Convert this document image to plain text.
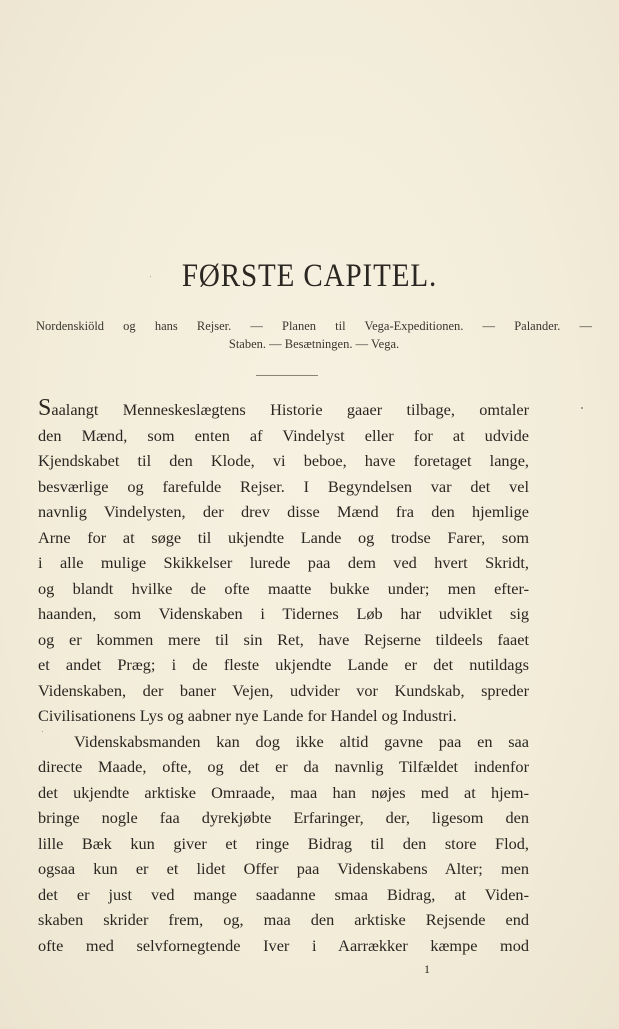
FØRSTE CAPITEL.
Nordenskiöld og hans Rejser. — Planen til Vega-Expeditionen. — Palander. —
Staben. — Besætningen. — Vega.
Saalangt Menneskeslægtens Historie gaaer tilbage, omtaler
den Mænd, som enten af Vindelyst eller for at udvide
Kjendskabet til den Klode, vi beboe, have foretaget lange,
besværlige og farefulde Rejser. I Begyndelsen var det vel
navnlig Vindelysten, der drev disse Mænd fra den hjemlige
Arne for at søge til ukjendte Lande og trodse Farer, som
i alle mulige Skikkelser lurede paa dem ved hvert Skridt,
og blandt hvilke de ofte maatte bukke under; men efter-
haanden, som Videnskaben i Tidernes Løb har udviklet sig
og er kommen mere til sin Ret, have Rejserne tildeels faaet
et andet Præg; i de fleste ukjendte Lande er det nutildags
Videnskaben, der baner Vejen, udvider vor Kundskab, spreder
Civilisationens Lys og aabner nye Lande for Handel og Industri.
Videnskabsmanden kan dog ikke altid gavne paa en saa
directe Maade, ofte, og det er da navnlig Tilfældet indenfor
det ukjendte arktiske Omraade, maa han nøjes med at hjem-
bringe nogle faa dyrekjøbte Erfaringer, der, ligesom den
lille Bæk kun giver et ringe Bidrag til den store Flod,
ogsaa kun er et lidet Offer paa Videnskabens Alter; men
det er just ved mange saadanne smaa Bidrag, at Viden-
skaben skrider frem, og, maa den arktiske Rejsende end
ofte med selvfornegtende Iver i Aarrækker kæmpe mod
1
